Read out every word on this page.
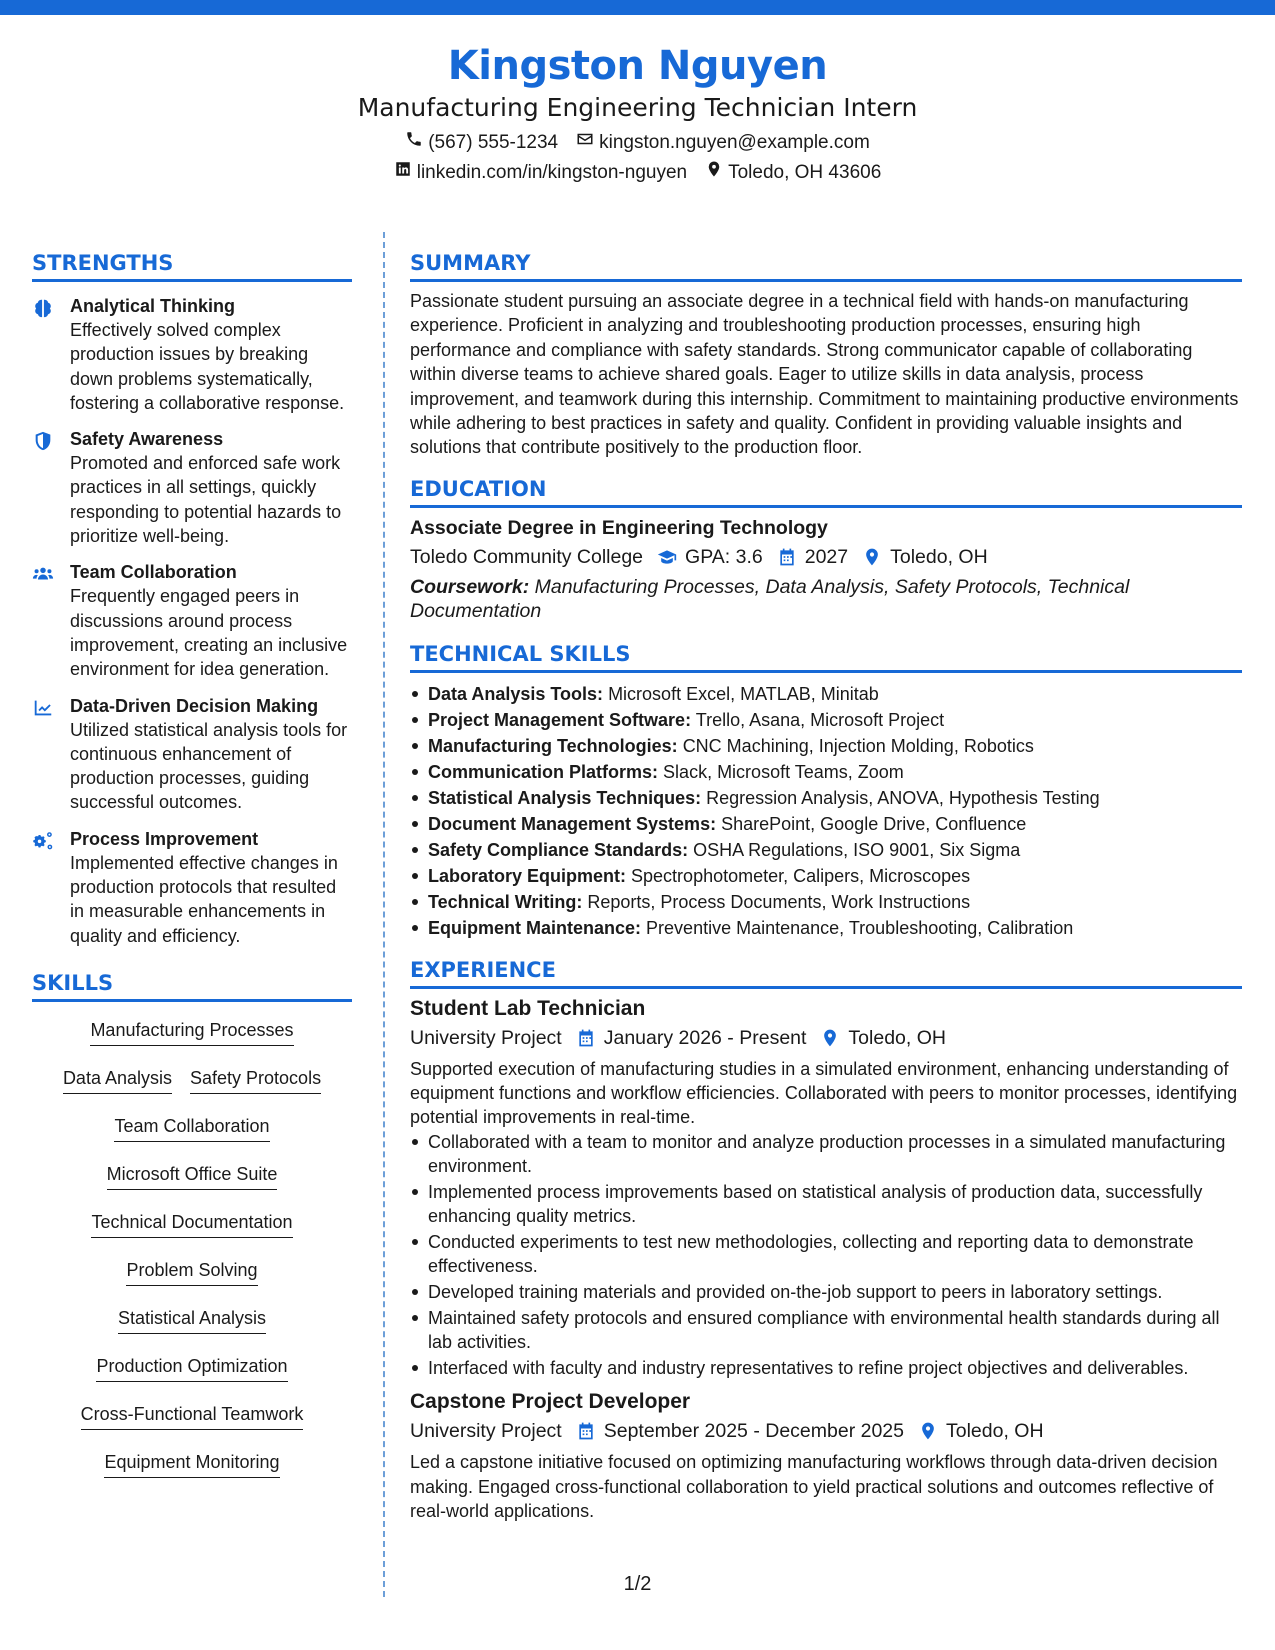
Kingston Nguyen
Manufacturing Engineering Technician Intern
(567) 555-1234 kingston.nguyen@example.com
linkedin.com/in/kingston-nguyen Toledo, OH 43606
STRENGTHS
Analytical Thinking
Effectively solved complex production issues by breaking down problems systematically, fostering a collaborative response.
Safety Awareness
Promoted and enforced safe work practices in all settings, quickly responding to potential hazards to prioritize well-being.
Team Collaboration
Frequently engaged peers in discussions around process improvement, creating an inclusive environment for idea generation.
Data-Driven Decision Making
Utilized statistical analysis tools for continuous enhancement of production processes, guiding successful outcomes.
Process Improvement
Implemented effective changes in production protocols that resulted in measurable enhancements in quality and efficiency.
SKILLS
Manufacturing Processes
Data Analysis Safety Protocols
Team Collaboration
Microsoft Office Suite
Technical Documentation
Problem Solving
Statistical Analysis
Production Optimization
Cross-Functional Teamwork
Equipment Monitoring
SUMMARY
Passionate student pursuing an associate degree in a technical field with hands-on manufacturing experience. Proficient in analyzing and troubleshooting production processes, ensuring high performance and compliance with safety standards. Strong communicator capable of collaborating within diverse teams to achieve shared goals. Eager to utilize skills in data analysis, process improvement, and teamwork during this internship. Commitment to maintaining productive environments while adhering to best practices in safety and quality. Confident in providing valuable insights and solutions that contribute positively to the production floor.
EDUCATION
Associate Degree in Engineering Technology
Toledo Community College GPA: 3.6 2027 Toledo, OH
Coursework: Manufacturing Processes, Data Analysis, Safety Protocols, Technical Documentation
TECHNICAL SKILLS
Data Analysis Tools: Microsoft Excel, MATLAB, Minitab
Project Management Software: Trello, Asana, Microsoft Project
Manufacturing Technologies: CNC Machining, Injection Molding, Robotics
Communication Platforms: Slack, Microsoft Teams, Zoom
Statistical Analysis Techniques: Regression Analysis, ANOVA, Hypothesis Testing
Document Management Systems: SharePoint, Google Drive, Confluence
Safety Compliance Standards: OSHA Regulations, ISO 9001, Six Sigma
Laboratory Equipment: Spectrophotometer, Calipers, Microscopes
Technical Writing: Reports, Process Documents, Work Instructions
Equipment Maintenance: Preventive Maintenance, Troubleshooting, Calibration
EXPERIENCE
Student Lab Technician
University Project January 2026 - Present Toledo, OH
Supported execution of manufacturing studies in a simulated environment, enhancing understanding of equipment functions and workflow efficiencies. Collaborated with peers to monitor processes, identifying potential improvements in real-time.
Collaborated with a team to monitor and analyze production processes in a simulated manufacturing environment.
Implemented process improvements based on statistical analysis of production data, successfully enhancing quality metrics.
Conducted experiments to test new methodologies, collecting and reporting data to demonstrate effectiveness.
Developed training materials and provided on-the-job support to peers in laboratory settings.
Maintained safety protocols and ensured compliance with environmental health standards during all lab activities.
Interfaced with faculty and industry representatives to refine project objectives and deliverables.
Capstone Project Developer
University Project September 2025 - December 2025 Toledo, OH
Led a capstone initiative focused on optimizing manufacturing workflows through data-driven decision making. Engaged cross-functional collaboration to yield practical solutions and outcomes reflective of real-world applications.
1/2
